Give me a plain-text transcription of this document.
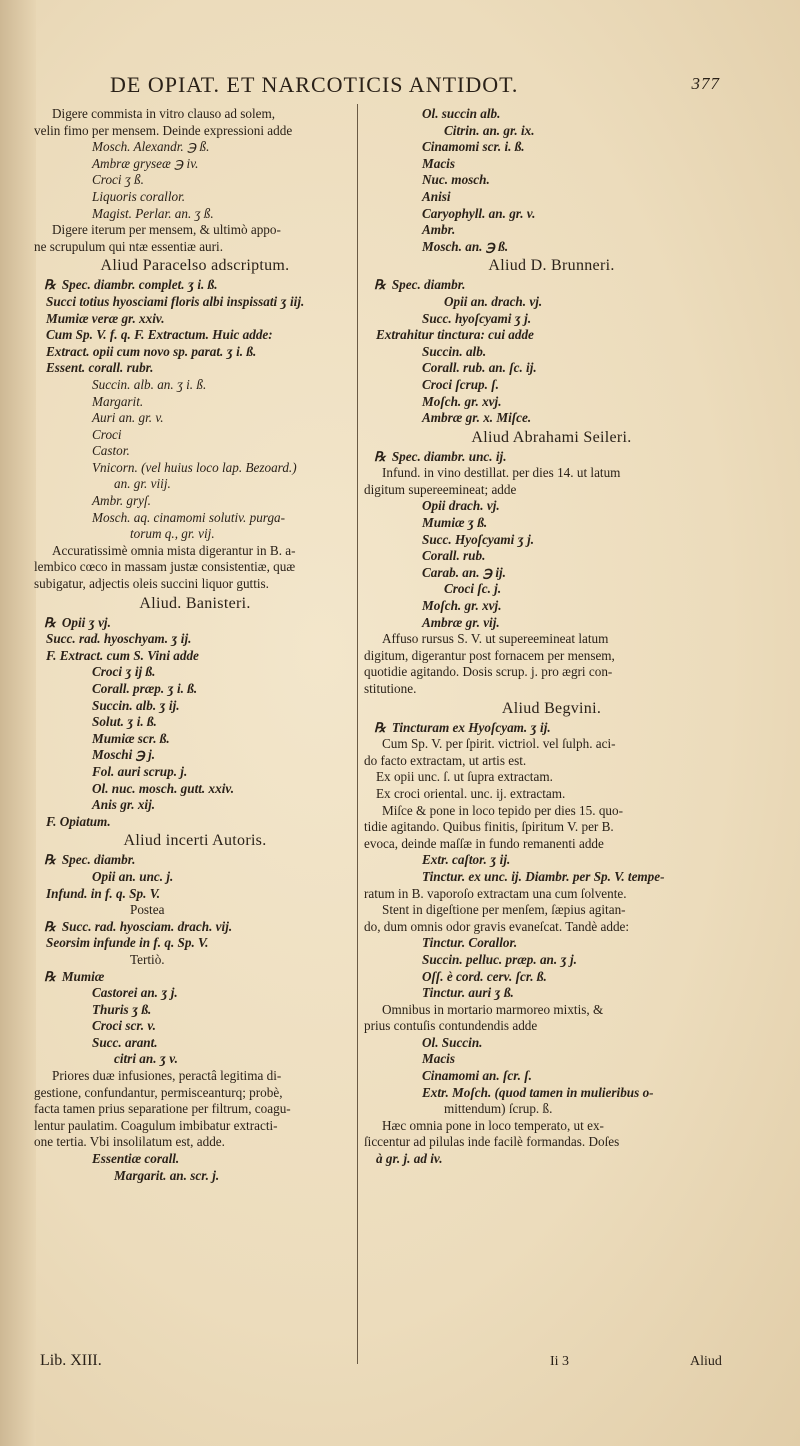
DE OPIAT. ET NARCOTICIS ANTIDOT.	377
Digere commista in vitro clauso ad solem,
velin fimo per mensem. Deinde expressioni adde
Mosch. Alexandr. ℈ ß.
Ambræ gryseæ ℈ iv.
Croci ʒ ß.
Liquoris corallor.
Magist. Perlar. an. ʒ ß.
Digere iterum per mensem, & ultimò appo-
ne scrupulum qui ntæ essentiæ auri.
Aliud Paracelso adscriptum.
℞ Spec. diambr. complet. ʒ i. ß.
Succi totius hyosciami floris albi inspissati ʒ iij.
Mumiæ veræ gr. xxiv.
Cum Sp. V. f. q. F. Extractum. Huic adde:
Extract. opii cum novo sp. parat. ʒ i. ß.
Essent. corall. rubr.
Succin. alb. an. ʒ i. ß.
Margarit.
Auri an. gr. v.
Croci
Castor.
Vnicorn. (vel huius loco lap. Bezoard.)
an. gr. viij.
Ambr. gryſ.
Mosch. aq. cinamomi solutiv. purga-
torum q., gr. vij.
Accuratissimè omnia mista digerantur in B. a-
lembico cœco in massam justæ consistentiæ, quæ
subigatur, adjectis oleis succini liquor guttis.
Aliud. Banisteri.
℞ Opii ʒ vj.
Succ. rad. hyoschyam. ʒ ij.
F. Extract. cum S. Vini adde
Croci ʒ ij ß.
Corall. præp. ʒ i. ß.
Succin. alb. ʒ ij.
Solut. ʒ i. ß.
Mumiæ scr. ß.
Moschi ℈ j.
Fol. auri scrup. j.
Ol. nuc. mosch. gutt. xxiv.
Anis gr. xij.
F. Opiatum.
Aliud incerti Autoris.
℞ Spec. diambr.
Opii an. unc. j.
Infund. in f. q. Sp. V.
Postea
℞ Succ. rad. hyosciam. drach. vij.
Seorsim infunde in f. q. Sp. V.
Tertiò.
℞ Mumiæ
Castorei an. ʒ j.
Thuris ʒ ß.
Croci scr. v.
Succ. arant.
citri an. ʒ v.
Priores duæ infusiones, peractâ legitima di-
gestione, confundantur, permisceanturq; probè,
facta tamen prius separatione per filtrum, coagu-
lentur paulatim. Coagulum imbibatur extracti-
one tertia. Vbi insolilatum est, adde.
Essentiæ corall.
Margarit. an. scr. j.
Ol. succin alb.
Citrin. an. gr. ix.
Cinamomi scr. i. ß.
Macis
Nuc. mosch.
Anisi
Caryophyll. an. gr. v.
Ambr.
Mosch. an. ℈ ß.
Aliud D. Brunneri.
℞ Spec. diambr.
Opii an. drach. vj.
Succ. hyoſcyami ʒ j.
Extrahitur tinctura: cui adde
Succin. alb.
Corall. rub. an. ſc. ij.
Croci ſcrup. ſ.
Moſch. gr. xvj.
Ambræ gr. x. Miſce.
Aliud Abrahami Seileri.
℞ Spec. diambr. unc. ij.
Infund. in vino destillat. per dies 14. ut latum
digitum supereemineat; adde
Opii drach. vj.
Mumiæ ʒ ß.
Succ. Hyoſcyami ʒ j.
Corall. rub.
Carab. an. ℈ ij.
Croci ſc. j.
Moſch. gr. xvj.
Ambræ gr. vij.
Affuso rursus S. V. ut supereemineat latum
digitum, digerantur post fornacem per mensem,
quotidie agitando. Dosis scrup. j. pro ægri con-
stitutione.
Aliud Begvini.
℞ Tincturam ex Hyoſcyam. ʒ ij.
Cum Sp. V. per ſpirit. victriol. vel ſulph. aci-
do facto extractam, ut artis est.
Ex opii unc. ſ. ut ſupra extractam.
Ex croci oriental. unc. ij. extractam.
Miſce & pone in loco tepido per dies 15. quo-
tidie agitando. Quibus finitis, ſpiritum V. per B.
evoca, deinde maſſæ in fundo remanenti adde
Extr. caſtor. ʒ ij.
Tinctur. ex unc. ij. Diambr. per Sp. V. tempe-
ratum in B. vaporoſo extractam una cum ſolvente.
Stent in digeſtione per menſem, ſæpius agitan-
do, dum omnis odor gravis evaneſcat. Tandè adde:
Tinctur. Corallor.
Succin. pelluc. præp. an. ʒ j.
Oſſ. è cord. cerv. ſcr. ß.
Tinctur. auri ʒ ß.
Omnibus in mortario marmoreo mixtis, &
prius contuſis contundendis adde
Ol. Succin.
Macis
Cinamomi an. ſcr. ſ.
Extr. Moſch. (quod tamen in mulieribus o-
mittendum) ſcrup. ß.
Hæc omnia pone in loco temperato, ut ex-
ſiccentur ad pilulas inde facilè formandas. Doſes
à gr. j. ad iv.
Lib. XIII.	Ii 3	Aliud
